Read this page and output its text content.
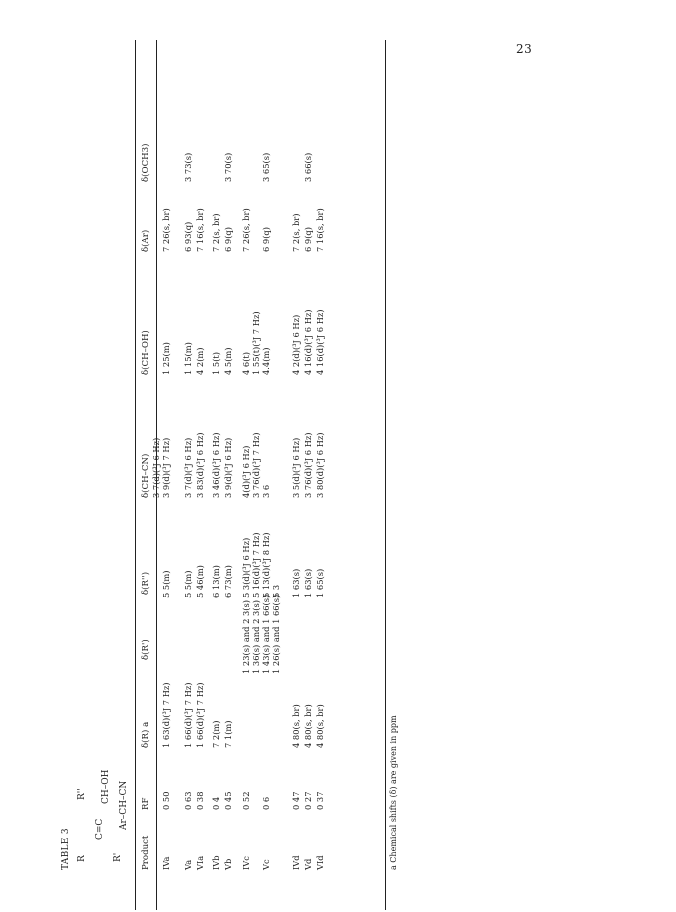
23
TABLE 3 R
R''
C=C
CH–OH
R'
Ar–CH–CN
Product
RF
δ(R) a
δ(R')
δ(R'')
δ(CH–CN)
δ(CH–OH)
δ(Ar)
δ(OCH3)
IVa
0 50
1 63(d)(³J 7 Hz)
5 5(m)
3 7(d)(³J 6 Hz) 3 9(d)(³J 7 Hz)
1 25(m)
7 26(s, br)
Va
0 63
1 66(d)(³J 7 Hz)
5 5(m)
3 7(d)(³J 6 Hz)
1 15(m)
6 93(q)
3 73(s)
VIa
0 38
1 66(d)(³J 7 Hz)
5 46(m)
3 83(d)(³J 6 Hz)
4 2(m)
7 16(s, br)
IVb
0 4
7 2(m)
6 13(m)
3 46(d)(³J 6 Hz)
1 5(t)
7 2(s, br)
Vb
0 45
7 1(m)
6 73(m)
3 9(d)(³J 6 Hz)
4 5(m)
6 9(q)
3 70(s)
IVc
0 52
1 23(s) and 2 3(s)
5 3(d)(³J 6 Hz)
4(d)(³J 6 Hz)
4 6(t)
7 26(s, br)
1 36(s) and 2 3(s)
5 16(d)(³J 7 Hz)
3 76(d)(³J 7 Hz)
1 55(t)(³J 7 Hz)
Vc
0 6
1 43(s) and 1 66(s)
5 13(d)(³J 8 Hz)
3 6
4.4(m)
6 9(q)
3 65(s)
1 26(s) and 1 66(s)
5 3
IVd
0 47
4 80(s, br)
1 63(s)
3 5(d)(³J 6 Hz)
4 2(d)(³J 6 Hz)
7 2(s, br)
Vd
0 27
4 80(s, br)
1 63(s)
3 76(d)(³J 6 Hz)
4 16(d)(³J 6 Hz)
6 9(q)
3 66(s)
VId
0 37
4 80(s, br)
1 65(s)
3 80(d)(³J 6 Hz)
4 16(d)(³J 6 Hz)
7 16(s, br)
a Chemical shifts (δ) are given in ppm
